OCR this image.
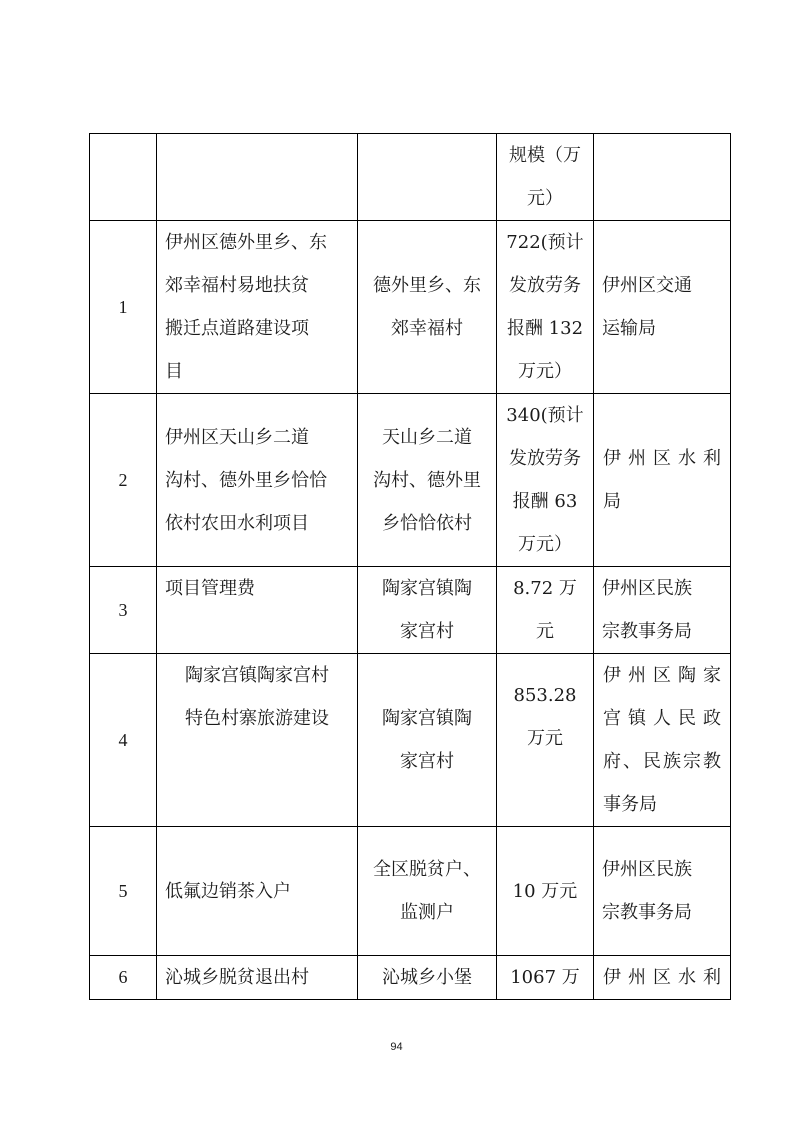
			规模（万
元）	

1	伊州区德外里乡、东
郊幸福村易地扶贫
搬迁点道路建设项
目	德外里乡、东
郊幸福村	722(预计
发放劳务
报酬 132
万元）	伊州区交通
运输局

2	伊州区天山乡二道
沟村、德外里乡恰恰
依村农田水利项目	天山乡二道
沟村、德外里
乡恰恰依村	340(预计
发放劳务
报酬 63
万元）	伊州区水利
局

3	项目管理费	陶家宫镇陶
家宫村	8.72 万
元	伊州区民族
宗教事务局

4	陶家宫镇陶家宫村
特色村寨旅游建设	陶家宫镇陶
家宫村	853.28
万元	伊州区陶家
宫镇人民政
府、民族宗教
事务局

5	低氟边销茶入户	全区脱贫户、
监测户	10 万元	伊州区民族
宗教事务局

6	沁城乡脱贫退出村	沁城乡小堡	1067 万	伊州区水利
94
